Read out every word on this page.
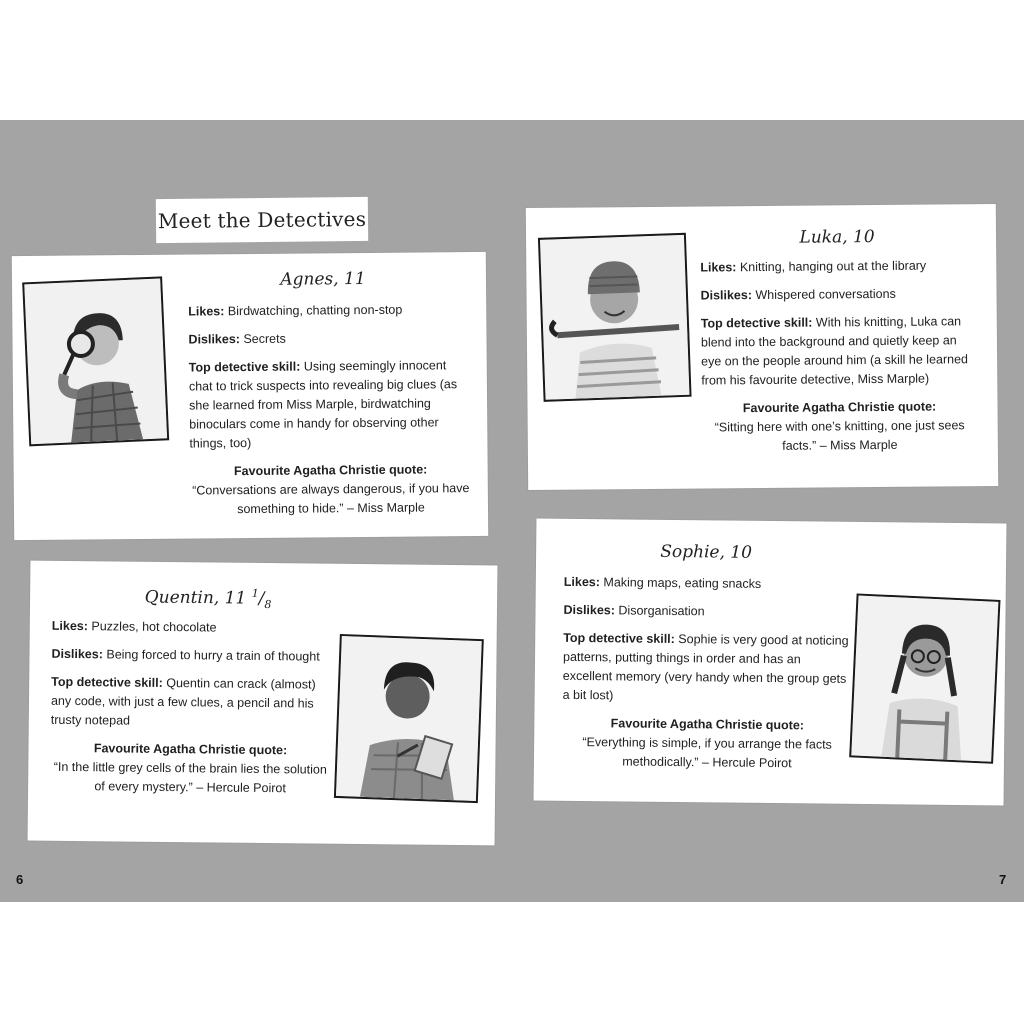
Meet the Detectives
Agnes, 11

Likes: Birdwatching, chatting non-stop

Dislikes: Secrets

Top detective skill: Using seemingly innocent chat to trick suspects into revealing big clues (as she learned from Miss Marple, birdwatching binoculars come in handy for observing other things, too)

Favourite Agatha Christie quote:
“Conversations are always dangerous, if you have something to hide.” – Miss Marple

Luka, 10

Likes: Knitting, hanging out at the library

Dislikes: Whispered conversations

Top detective skill: With his knitting, Luka can blend into the background and quietly keep an eye on the people around him (a skill he learned from his favourite detective, Miss Marple)

Favourite Agatha Christie quote:
“Sitting here with one’s knitting, one just sees facts.” – Miss Marple

Quentin, 11 $^1/_8$

Likes: Puzzles, hot chocolate

Dislikes: Being forced to hurry a train of thought

Top detective skill: Quentin can crack (almost) any code, with just a few clues, a pencil and his trusty notepad

Favourite Agatha Christie quote:
“In the little grey cells of the brain lies the solution of every mystery.” – Hercule Poirot

Sophie, 10

Likes: Making maps, eating snacks

Dislikes: Disorganisation

Top detective skill: Sophie is very good at noticing patterns, putting things in order and has an excellent memory (very handy when the group gets a bit lost)

Favourite Agatha Christie quote:
“Everything is simple, if you arrange the facts methodically.” – Hercule Poirot

6	7
